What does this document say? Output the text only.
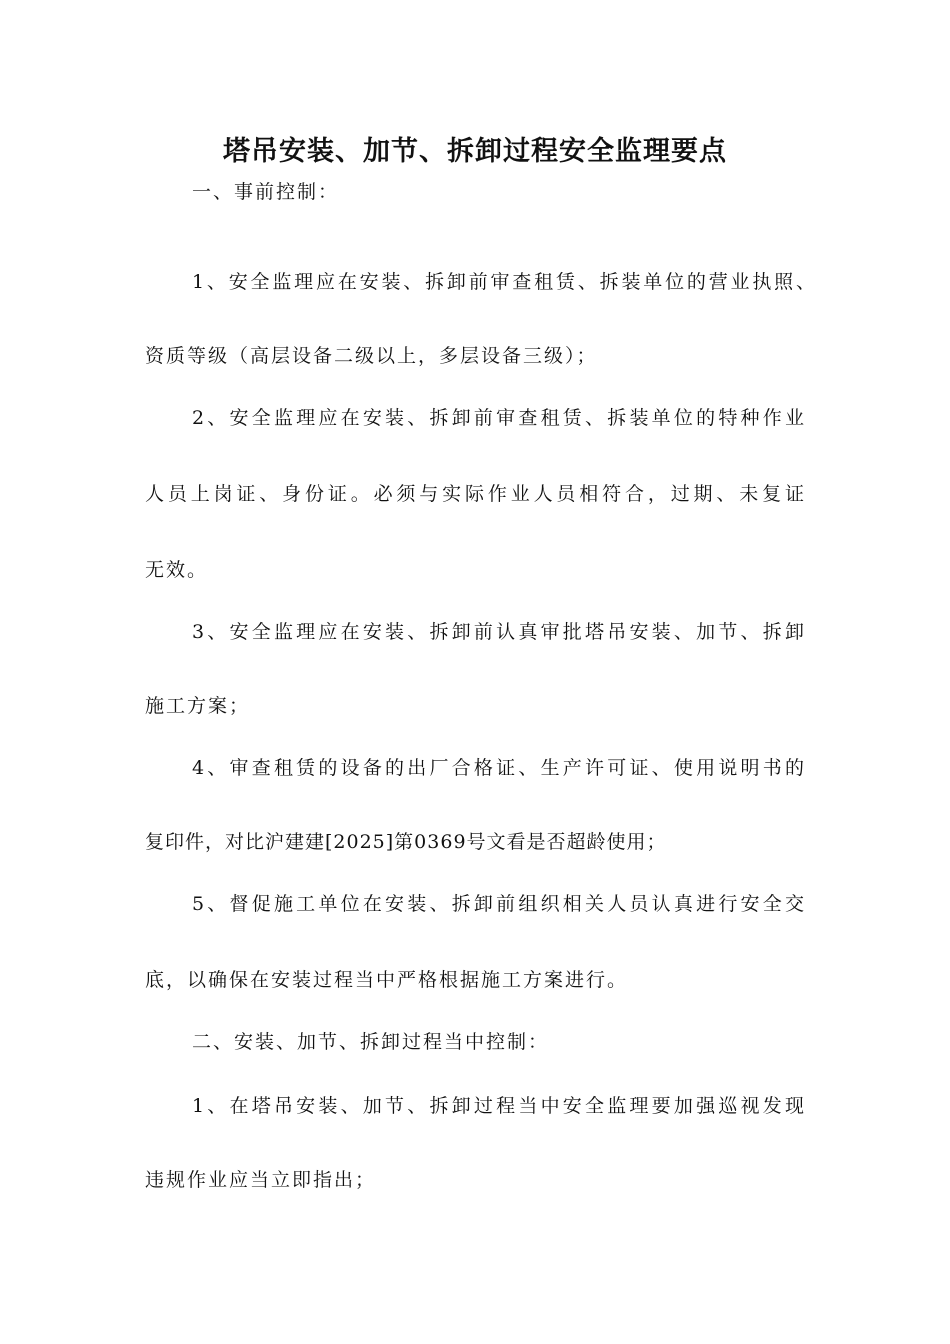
塔吊安装、加节、拆卸过程安全监理要点
一、事前控制：
1、安全监理应在安装、拆卸前审查租赁、拆装单位的营业执照、
资质等级（高层设备二级以上，多层设备三级）；
2、安全监理应在安装、拆卸前审查租赁、拆装单位的特种作业
人员上岗证、身份证。必须与实际作业人员相符合，过期、未复证
无效。
3、安全监理应在安装、拆卸前认真审批塔吊安装、加节、拆卸
施工方案；
4、审查租赁的设备的出厂合格证、生产许可证、使用说明书的
复印件，对比沪建建[2025]第0369号文看是否超龄使用；
5、督促施工单位在安装、拆卸前组织相关人员认真进行安全交
底，以确保在安装过程当中严格根据施工方案进行。
二、安装、加节、拆卸过程当中控制：
1、在塔吊安装、加节、拆卸过程当中安全监理要加强巡视发现
违规作业应当立即指出；
